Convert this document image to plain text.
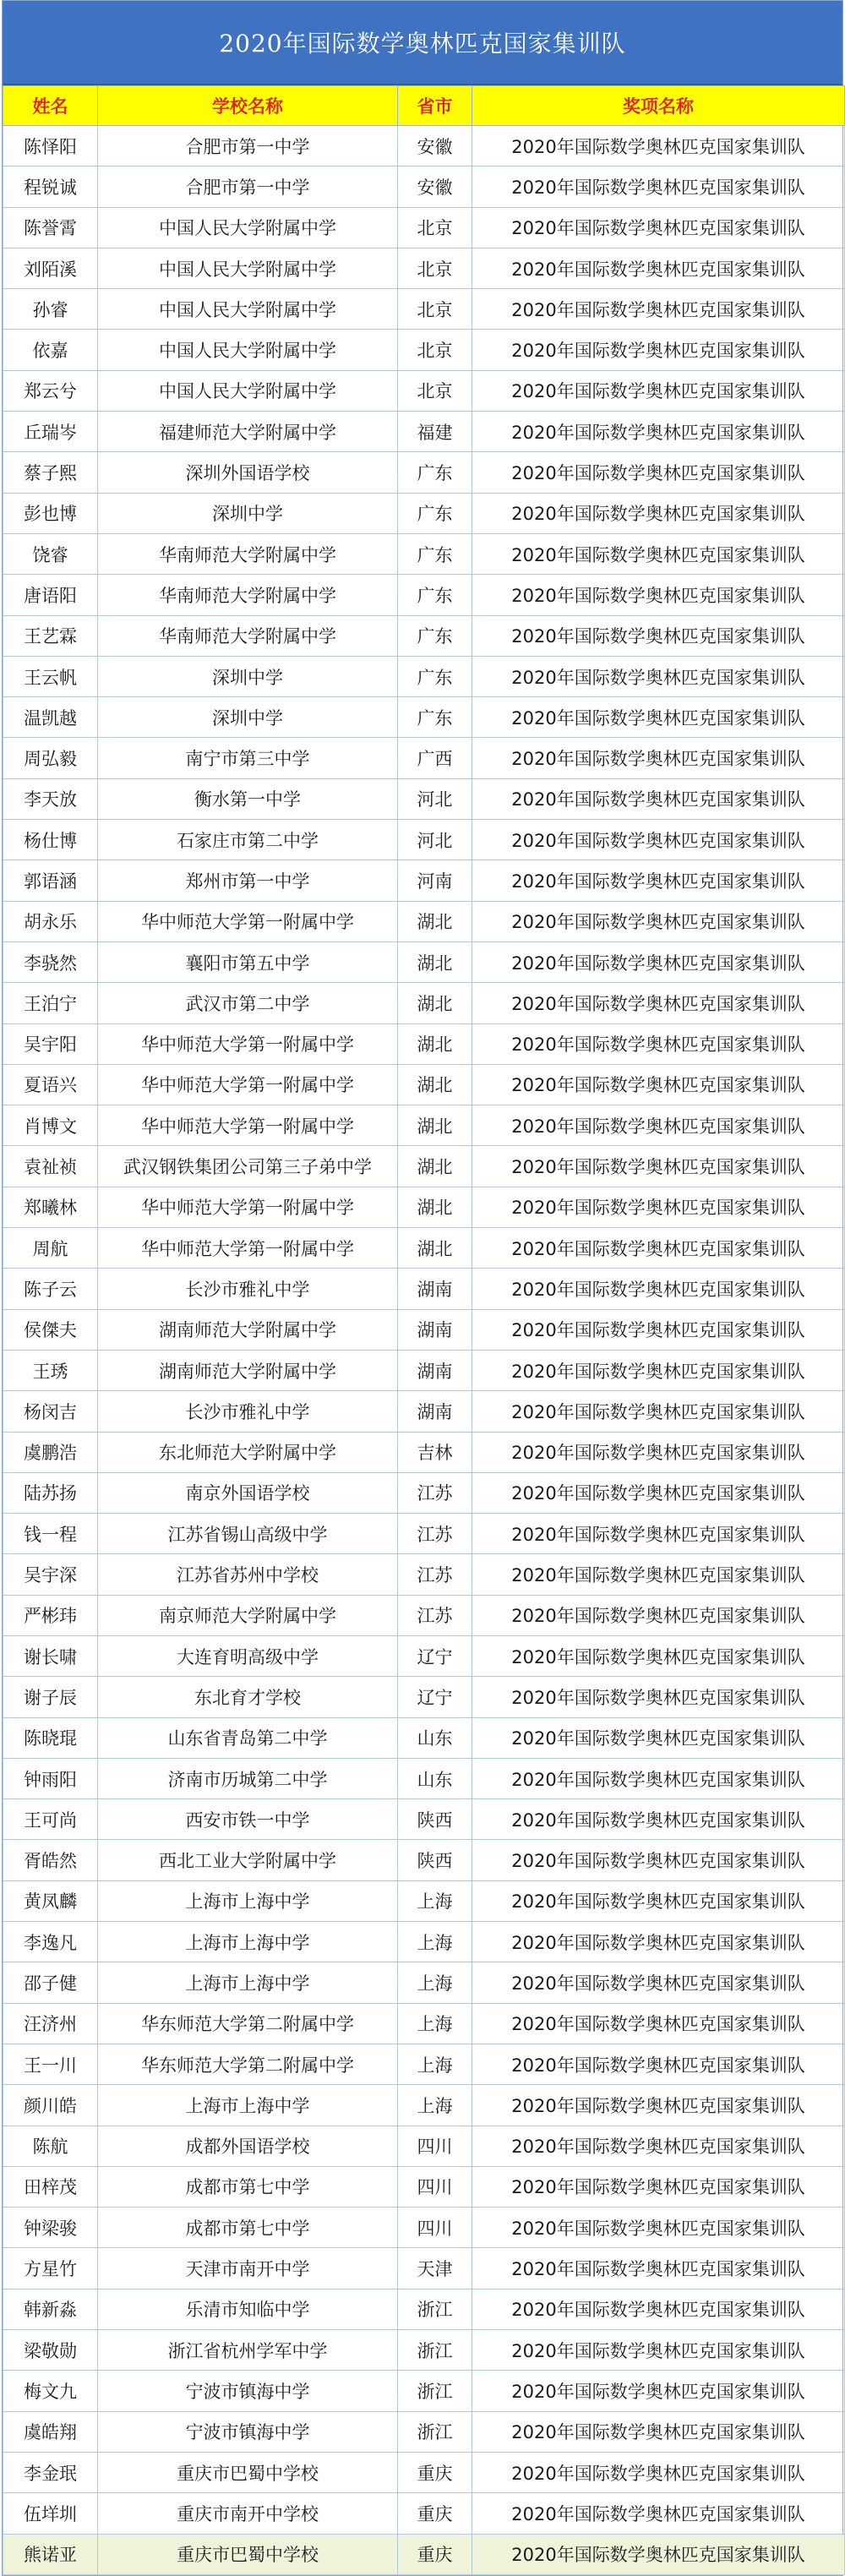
2020年国际数学奥林匹克国家集训队
姓名	学校名称	省市	奖项名称
陈怿阳	合肥市第一中学	安徽	2020年国际数学奥林匹克国家集训队
程锐诚	合肥市第一中学	安徽	2020年国际数学奥林匹克国家集训队
陈誉霄	中国人民大学附属中学	北京	2020年国际数学奥林匹克国家集训队
刘陌溪	中国人民大学附属中学	北京	2020年国际数学奥林匹克国家集训队
孙睿	中国人民大学附属中学	北京	2020年国际数学奥林匹克国家集训队
依嘉	中国人民大学附属中学	北京	2020年国际数学奥林匹克国家集训队
郑云兮	中国人民大学附属中学	北京	2020年国际数学奥林匹克国家集训队
丘瑞岑	福建师范大学附属中学	福建	2020年国际数学奥林匹克国家集训队
蔡子熙	深圳外国语学校	广东	2020年国际数学奥林匹克国家集训队
彭也博	深圳中学	广东	2020年国际数学奥林匹克国家集训队
饶睿	华南师范大学附属中学	广东	2020年国际数学奥林匹克国家集训队
唐语阳	华南师范大学附属中学	广东	2020年国际数学奥林匹克国家集训队
王艺霖	华南师范大学附属中学	广东	2020年国际数学奥林匹克国家集训队
王云帆	深圳中学	广东	2020年国际数学奥林匹克国家集训队
温凯越	深圳中学	广东	2020年国际数学奥林匹克国家集训队
周弘毅	南宁市第三中学	广西	2020年国际数学奥林匹克国家集训队
李天放	衡水第一中学	河北	2020年国际数学奥林匹克国家集训队
杨仕博	石家庄市第二中学	河北	2020年国际数学奥林匹克国家集训队
郭语涵	郑州市第一中学	河南	2020年国际数学奥林匹克国家集训队
胡永乐	华中师范大学第一附属中学	湖北	2020年国际数学奥林匹克国家集训队
李骁然	襄阳市第五中学	湖北	2020年国际数学奥林匹克国家集训队
王泊宁	武汉市第二中学	湖北	2020年国际数学奥林匹克国家集训队
吴宇阳	华中师范大学第一附属中学	湖北	2020年国际数学奥林匹克国家集训队
夏语兴	华中师范大学第一附属中学	湖北	2020年国际数学奥林匹克国家集训队
肖博文	华中师范大学第一附属中学	湖北	2020年国际数学奥林匹克国家集训队
袁祉祯	武汉钢铁集团公司第三子弟中学	湖北	2020年国际数学奥林匹克国家集训队
郑曦林	华中师范大学第一附属中学	湖北	2020年国际数学奥林匹克国家集训队
周航	华中师范大学第一附属中学	湖北	2020年国际数学奥林匹克国家集训队
陈子云	长沙市雅礼中学	湖南	2020年国际数学奥林匹克国家集训队
侯傑夫	湖南师范大学附属中学	湖南	2020年国际数学奥林匹克国家集训队
王琇	湖南师范大学附属中学	湖南	2020年国际数学奥林匹克国家集训队
杨闵吉	长沙市雅礼中学	湖南	2020年国际数学奥林匹克国家集训队
虞鹏浩	东北师范大学附属中学	吉林	2020年国际数学奥林匹克国家集训队
陆苏扬	南京外国语学校	江苏	2020年国际数学奥林匹克国家集训队
钱一程	江苏省锡山高级中学	江苏	2020年国际数学奥林匹克国家集训队
吴宇深	江苏省苏州中学校	江苏	2020年国际数学奥林匹克国家集训队
严彬玮	南京师范大学附属中学	江苏	2020年国际数学奥林匹克国家集训队
谢长啸	大连育明高级中学	辽宁	2020年国际数学奥林匹克国家集训队
谢子辰	东北育才学校	辽宁	2020年国际数学奥林匹克国家集训队
陈晓琨	山东省青岛第二中学	山东	2020年国际数学奥林匹克国家集训队
钟雨阳	济南市历城第二中学	山东	2020年国际数学奥林匹克国家集训队
王可尚	西安市铁一中学	陕西	2020年国际数学奥林匹克国家集训队
胥皓然	西北工业大学附属中学	陕西	2020年国际数学奥林匹克国家集训队
黄凤麟	上海市上海中学	上海	2020年国际数学奥林匹克国家集训队
李逸凡	上海市上海中学	上海	2020年国际数学奥林匹克国家集训队
邵子健	上海市上海中学	上海	2020年国际数学奥林匹克国家集训队
汪济州	华东师范大学第二附属中学	上海	2020年国际数学奥林匹克国家集训队
王一川	华东师范大学第二附属中学	上海	2020年国际数学奥林匹克国家集训队
颜川皓	上海市上海中学	上海	2020年国际数学奥林匹克国家集训队
陈航	成都外国语学校	四川	2020年国际数学奥林匹克国家集训队
田梓茂	成都市第七中学	四川	2020年国际数学奥林匹克国家集训队
钟梁骏	成都市第七中学	四川	2020年国际数学奥林匹克国家集训队
方星竹	天津市南开中学	天津	2020年国际数学奥林匹克国家集训队
韩新淼	乐清市知临中学	浙江	2020年国际数学奥林匹克国家集训队
梁敬勋	浙江省杭州学军中学	浙江	2020年国际数学奥林匹克国家集训队
梅文九	宁波市镇海中学	浙江	2020年国际数学奥林匹克国家集训队
虞皓翔	宁波市镇海中学	浙江	2020年国际数学奥林匹克国家集训队
李金珉	重庆市巴蜀中学校	重庆	2020年国际数学奥林匹克国家集训队
伍垟圳	重庆市南开中学校	重庆	2020年国际数学奥林匹克国家集训队
熊诺亚	重庆市巴蜀中学校	重庆	2020年国际数学奥林匹克国家集训队
